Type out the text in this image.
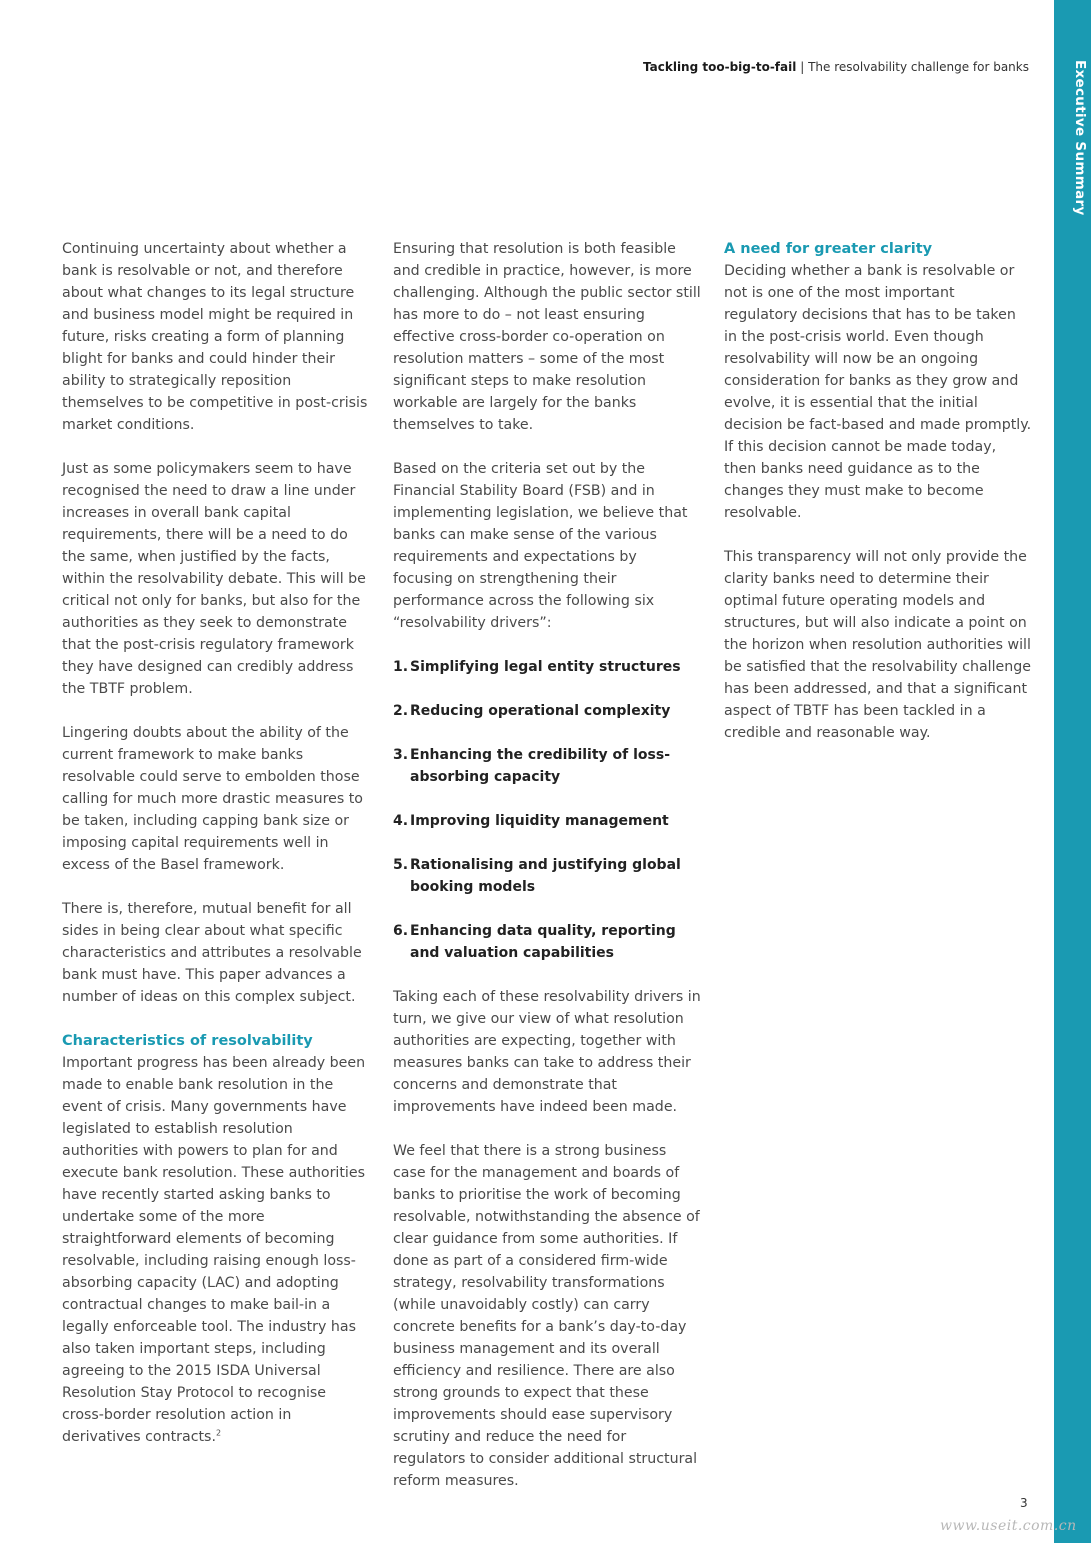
Executive Summary
Tackling too-big-to-fail | The resolvability challenge for banks

Continuing uncertainty about whether a bank is resolvable or not, and therefore about what changes to its legal structure and business model might be required in future, risks creating a form of planning blight for banks and could hinder their ability to strategically reposition themselves to be competitive in post-crisis market conditions.

Just as some policymakers seem to have recognised the need to draw a line under increases in overall bank capital requirements, there will be a need to do the same, when justified by the facts, within the resolvability debate. This will be critical not only for banks, but also for the authorities as they seek to demonstrate that the post-crisis regulatory framework they have designed can credibly address the TBTF problem.

Lingering doubts about the ability of the current framework to make banks resolvable could serve to embolden those calling for much more drastic measures to be taken, including capping bank size or imposing capital requirements well in excess of the Basel framework.

There is, therefore, mutual benefit for all sides in being clear about what specific characteristics and attributes a resolvable bank must have. This paper advances a number of ideas on this complex subject.

Characteristics of resolvability

Important progress has been already been made to enable bank resolution in the event of crisis. Many governments have legislated to establish resolution authorities with powers to plan for and execute bank resolution. These authorities have recently started asking banks to undertake some of the more straightforward elements of becoming resolvable, including raising enough loss-absorbing capacity (LAC) and adopting contractual changes to make bail-in a legally enforceable tool. The industry has also taken important steps, including agreeing to the 2015 ISDA Universal Resolution Stay Protocol to recognise cross-border resolution action in derivatives contracts.$^2$

Ensuring that resolution is both feasible and credible in practice, however, is more challenging. Although the public sector still has more to do – not least ensuring effective cross-border co-operation on resolution matters – some of the most significant steps to make resolution workable are largely for the banks themselves to take.

Based on the criteria set out by the Financial Stability Board (FSB) and in implementing legislation, we believe that banks can make sense of the various requirements and expectations by focusing on strengthening their performance across the following six “resolvability drivers”:

1. Simplifying legal entity structures
2. Reducing operational complexity
3. Enhancing the credibility of loss-absorbing capacity
4. Improving liquidity management
5. Rationalising and justifying global booking models
6. Enhancing data quality, reporting and valuation capabilities

Taking each of these resolvability drivers in turn, we give our view of what resolution authorities are expecting, together with measures banks can take to address their concerns and demonstrate that improvements have indeed been made.

We feel that there is a strong business case for the management and boards of banks to prioritise the work of becoming resolvable, notwithstanding the absence of clear guidance from some authorities. If done as part of a considered firm-wide strategy, resolvability transformations (while unavoidably costly) can carry concrete benefits for a bank’s day-to-day business management and its overall efficiency and resilience. There are also strong grounds to expect that these improvements should ease supervisory scrutiny and reduce the need for regulators to consider additional structural reform measures.

A need for greater clarity

Deciding whether a bank is resolvable or not is one of the most important regulatory decisions that has to be taken in the post-crisis world. Even though resolvability will now be an ongoing consideration for banks as they grow and evolve, it is essential that the initial decision be fact-based and made promptly. If this decision cannot be made today, then banks need guidance as to the changes they must make to become resolvable.

This transparency will not only provide the clarity banks need to determine their optimal future operating models and structures, but will also indicate a point on the horizon when resolution authorities will be satisfied that the resolvability challenge has been addressed, and that a significant aspect of TBTF has been tackled in a credible and reasonable way.

3
www.useit.com.cn
